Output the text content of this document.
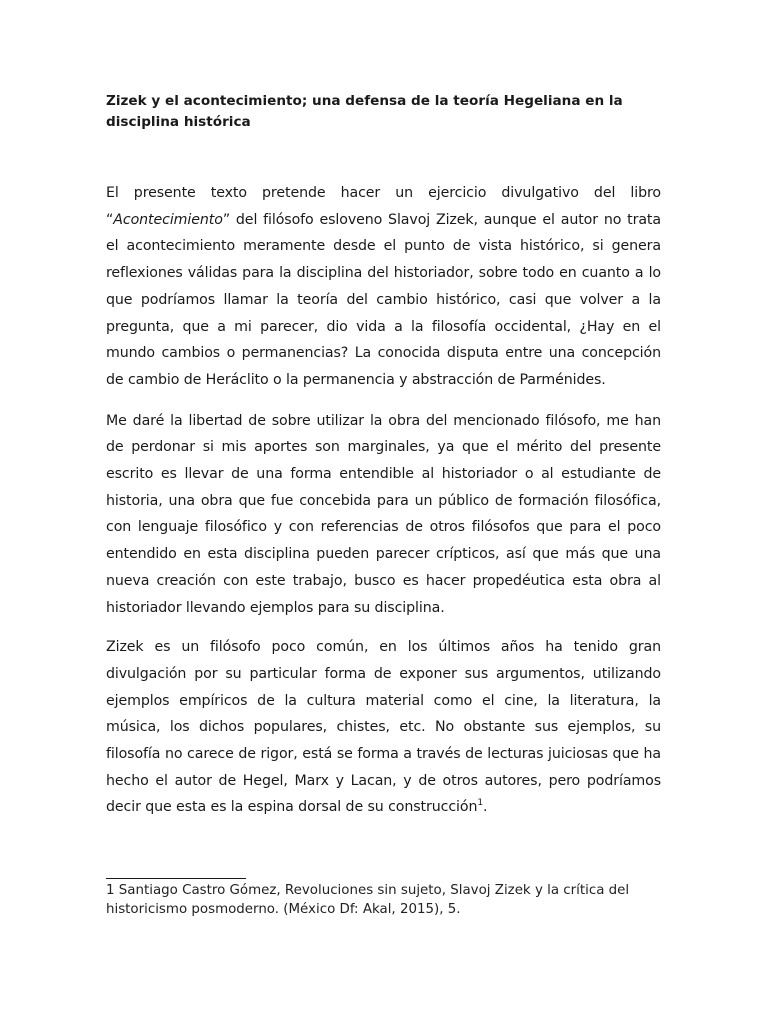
Zizek y el acontecimiento; una defensa de la teoría Hegeliana en la disciplina histórica

El presente texto pretende hacer un ejercicio divulgativo del libro “Acontecimiento” del filósofo esloveno Slavoj Zizek, aunque el autor no trata el acontecimiento meramente desde el punto de vista histórico, si genera reflexiones válidas para la disciplina del historiador, sobre todo en cuanto a lo que podríamos llamar la teoría del cambio histórico, casi que volver a la pregunta, que a mi parecer, dio vida a la filosofía occidental, ¿Hay en el mundo cambios o permanencias? La conocida disputa entre una concepción de cambio de Heráclito o la permanencia y abstracción de Parménides.

Me daré la libertad de sobre utilizar la obra del mencionado filósofo, me han de perdonar si mis aportes son marginales, ya que el mérito del presente escrito es llevar de una forma entendible al historiador o al estudiante de historia, una obra que fue concebida para un público de formación filosófica, con lenguaje filosófico y con referencias de otros filósofos que para el poco entendido en esta disciplina pueden parecer crípticos, así que más que una nueva creación con este trabajo, busco es hacer propedéutica esta obra al historiador llevando ejemplos para su disciplina.

Zizek es un filósofo poco común, en los últimos años ha tenido gran divulgación por su particular forma de exponer sus argumentos, utilizando ejemplos empíricos de la cultura material como el cine, la literatura, la música, los dichos populares, chistes, etc. No obstante sus ejemplos, su filosofía no carece de rigor, está se forma a través de lecturas juiciosas que ha hecho el autor de Hegel, Marx y Lacan, y de otros autores, pero podríamos decir que esta es la espina dorsal de su construcción$^1$.

1 Santiago Castro Gómez, Revoluciones sin sujeto, Slavoj Zizek y la crítica del historicismo posmoderno. (México Df: Akal, 2015), 5.
